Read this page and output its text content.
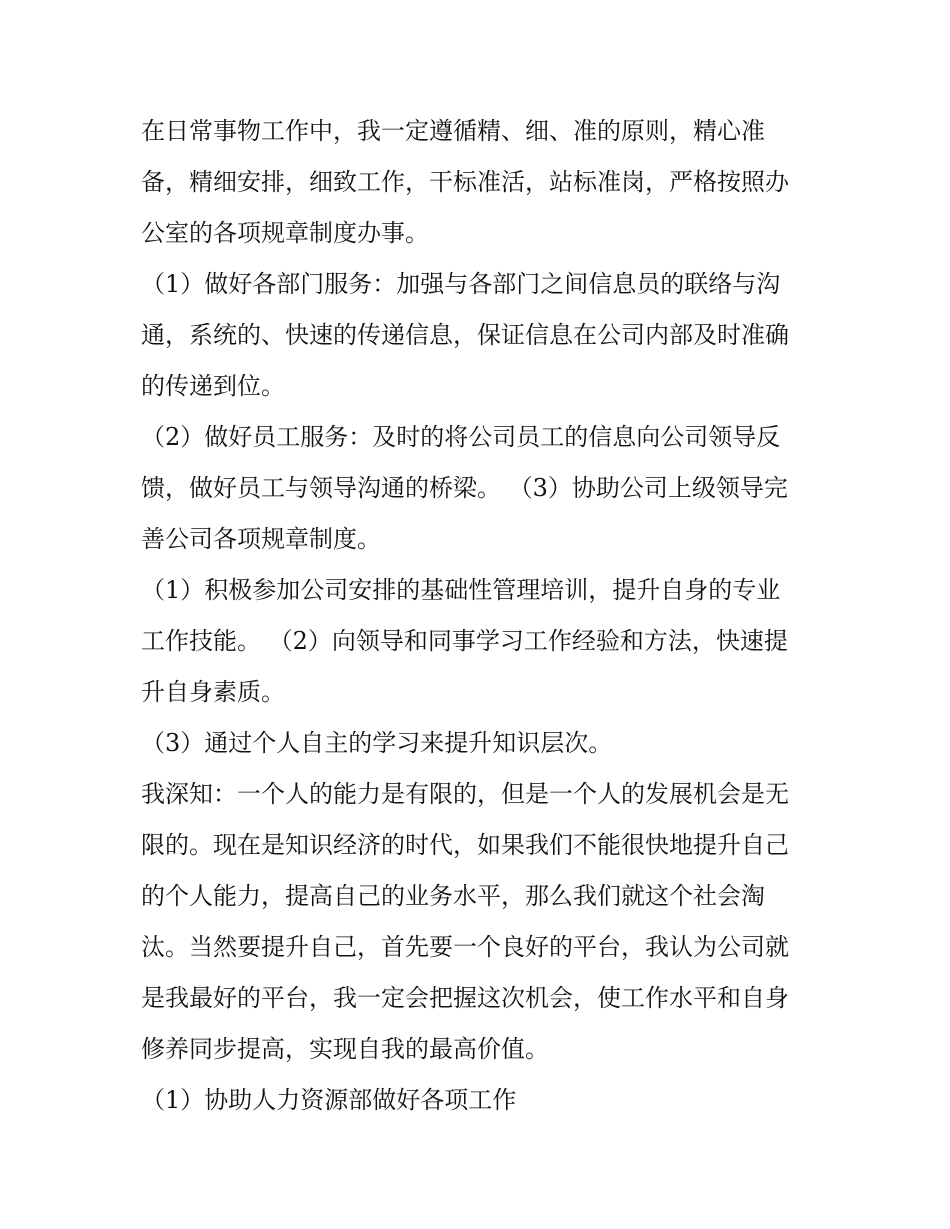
在日常事物工作中，我一定遵循精、细、准的原则，精心准
备，精细安排，细致工作，干标准活，站标准岗，严格按照办
公室的各项规章制度办事。
（1）做好各部门服务：加强与各部门之间信息员的联络与沟
通，系统的、快速的传递信息，保证信息在公司内部及时准确
的传递到位。
（2）做好员工服务：及时的将公司员工的信息向公司领导反
馈，做好员工与领导沟通的桥梁。 （3）协助公司上级领导完
善公司各项规章制度。
（1）积极参加公司安排的基础性管理培训，提升自身的专业
工作技能。 （2）向领导和同事学习工作经验和方法，快速提
升自身素质。
（3）通过个人自主的学习来提升知识层次。
我深知：一个人的能力是有限的，但是一个人的发展机会是无
限的。现在是知识经济的时代，如果我们不能很快地提升自己
的个人能力，提高自己的业务水平，那么我们就这个社会淘
汰。当然要提升自己，首先要一个良好的平台，我认为公司就
是我最好的平台，我一定会把握这次机会，使工作水平和自身
修养同步提高，实现自我的最高价值。
（1）协助人力资源部做好各项工作
